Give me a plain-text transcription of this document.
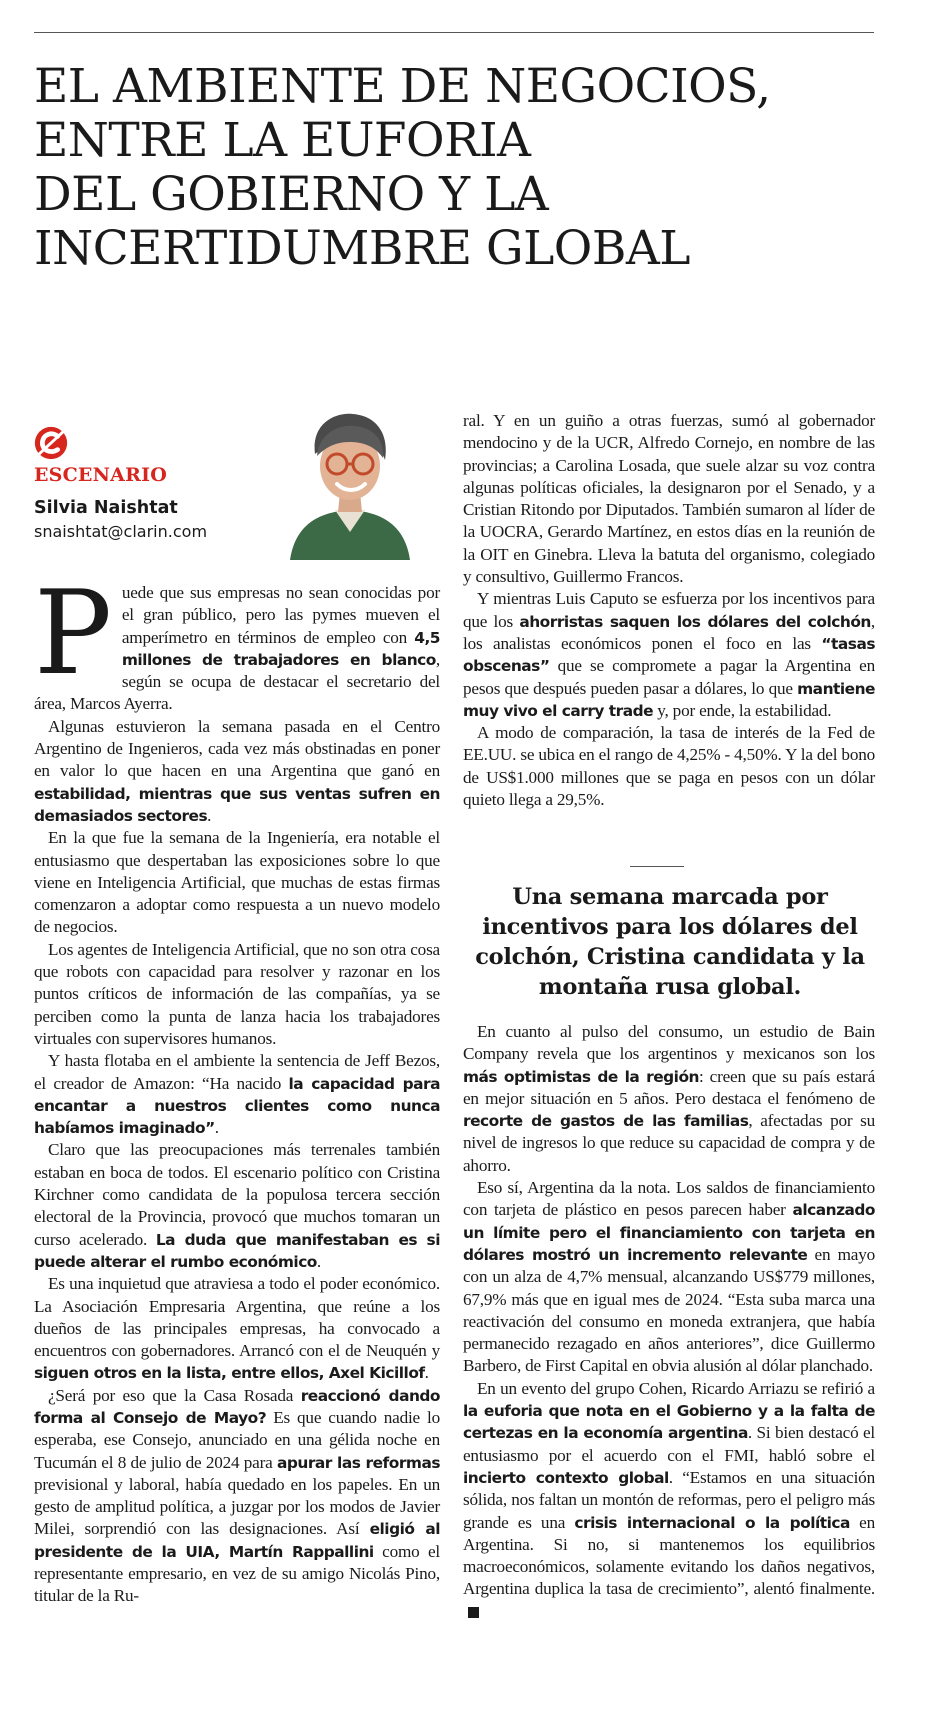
EL AMBIENTE DE NEGOCIOS,
ENTRE LA EUFORIA
DEL GOBIERNO Y LA
INCERTIDUMBRE GLOBAL
ESCENARIO
Silvia Naishtat
snaishtat@clarin.com

P uede que sus empresas no sean conocidas por el gran público, pero las pymes mueven el amperímetro en términos de empleo con 4,5 millones de trabajadores en blanco, según se ocupa de destacar el secretario del área, Marcos Ayerra.

Algunas estuvieron la semana pasada en el Centro Argentino de Ingenieros, cada vez más obstinadas en poner en valor lo que hacen en una Argentina que ganó en estabilidad, mientras que sus ventas sufren en demasiados sectores.

En la que fue la semana de la Ingeniería, era notable el entusiasmo que despertaban las exposiciones sobre lo que viene en Inteligencia Artificial, que muchas de estas firmas comenzaron a adoptar como respuesta a un nuevo modelo de negocios.

Los agentes de Inteligencia Artificial, que no son otra cosa que robots con capacidad para resolver y razonar en los puntos críticos de información de las compañías, ya se perciben como la punta de lanza hacia los trabajadores virtuales con supervisores humanos.

Y hasta flotaba en el ambiente la sentencia de Jeff Bezos, el creador de Amazon: “Ha nacido la capacidad para encantar a nuestros clientes como nunca habíamos imaginado”.

Claro que las preocupaciones más terrenales también estaban en boca de todos. El escenario político con Cristina Kirchner como candidata de la populosa tercera sección electoral de la Provincia, provocó que muchos tomaran un curso acelerado. La duda que manifestaban es si puede alterar el rumbo económico.

Es una inquietud que atraviesa a todo el poder económico. La Asociación Empresaria Argentina, que reúne a los dueños de las principales empresas, ha convocado a encuentros con gobernadores. Arrancó con el de Neuquén y siguen otros en la lista, entre ellos, Axel Kicillof.

¿Será por eso que la Casa Rosada reaccionó dando forma al Consejo de Mayo? Es que cuando nadie lo esperaba, ese Consejo, anunciado en una gélida noche en Tucumán el 8 de julio de 2024 para apurar las reformas previsional y laboral, había quedado en los papeles. En un gesto de amplitud política, a juzgar por los modos de Javier Milei, sorprendió con las designaciones. Así eligió al presidente de la UIA, Martín Rappallini como el representante empresario, en vez de su amigo Nicolás Pino, titular de la Ru-

ral. Y en un guiño a otras fuerzas, sumó al gobernador mendocino y de la UCR, Alfredo Cornejo, en nombre de las provincias; a Carolina Losada, que suele alzar su voz contra algunas políticas oficiales, la designaron por el Senado, y a Cristian Ritondo por Diputados. También sumaron al líder de la UOCRA, Gerardo Martínez, en estos días en la reunión de la OIT en Ginebra. Lleva la batuta del organismo, colegiado y consultivo, Guillermo Francos.

Y mientras Luis Caputo se esfuerza por los incentivos para que los ahorristas saquen los dólares del colchón, los analistas económicos ponen el foco en las “tasas obscenas” que se compromete a pagar la Argentina en pesos que después pueden pasar a dólares, lo que mantiene muy vivo el carry trade y, por ende, la estabilidad.

A modo de comparación, la tasa de interés de la Fed de EE.UU. se ubica en el rango de 4,25% - 4,50%. Y la del bono de US$1.000 millones que se paga en pesos con un dólar quieto llega a 29,5%.

Una semana marcada por incentivos para los dólares del colchón, Cristina candidata y la montaña rusa global.

En cuanto al pulso del consumo, un estudio de Bain Company revela que los argentinos y mexicanos son los más optimistas de la región: creen que su país estará en mejor situación en 5 años. Pero destaca el fenómeno de recorte de gastos de las familias, afectadas por su nivel de ingresos lo que reduce su capacidad de compra y de ahorro.

Eso sí, Argentina da la nota. Los saldos de financiamiento con tarjeta de plástico en pesos parecen haber alcanzado un límite pero el financiamiento con tarjeta en dólares mostró un incremento relevante en mayo con un alza de 4,7% mensual, alcanzando US$779 millones, 67,9% más que en igual mes de 2024. “Esta suba marca una reactivación del consumo en moneda extranjera, que había permanecido rezagado en años anteriores”, dice Guillermo Barbero, de First Capital en obvia alusión al dólar planchado.

En un evento del grupo Cohen, Ricardo Arriazu se refirió a la euforia que nota en el Gobierno y a la falta de certezas en la economía argentina. Si bien destacó el entusiasmo por el acuerdo con el FMI, habló sobre el incierto contexto global. “Estamos en una situación sólida, nos faltan un montón de reformas, pero el peligro más grande es una crisis internacional o la política en Argentina. Si no, si mantenemos los equilibrios macroeconómicos, solamente evitando los daños negativos, Argentina duplica la tasa de crecimiento”, alentó finalmente.
